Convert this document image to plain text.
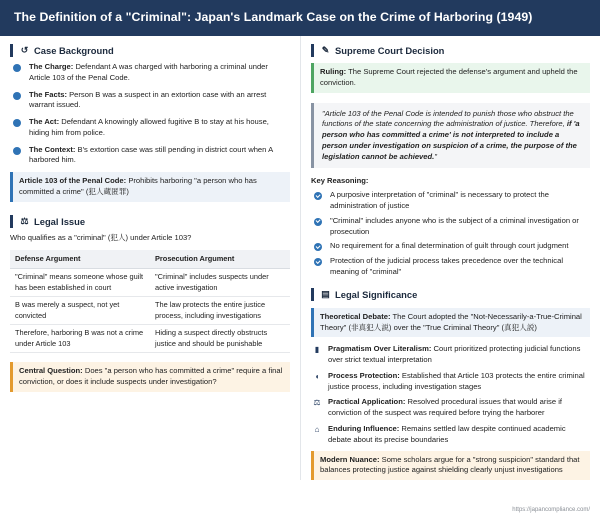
The Definition of a "Criminal": Japan's Landmark Case on the Crime of Harboring (1949)
↺ Case Background
The Charge: Defendant A was charged with harboring a criminal under Article 103 of the Penal Code.
The Facts: Person B was a suspect in an extortion case with an arrest warrant issued.
The Act: Defendant A knowingly allowed fugitive B to stay at his house, hiding him from police.
The Context: B's extortion case was still pending in district court when A harbored him.
Article 103 of the Penal Code: Prohibits harboring "a person who has committed a crime" (犯人蔵匿罪)
⚖ Legal Issue
Who qualifies as a "criminal" (犯人) under Article 103?
Defense Argument	Prosecution Argument
"Criminal" means someone whose guilt has been established in court	"Criminal" includes suspects under active investigation
B was merely a suspect, not yet convicted	The law protects the entire justice process, including investigations
Therefore, harboring B was not a crime under Article 103	Hiding a suspect directly obstructs justice and should be punishable
Central Question: Does "a person who has committed a crime" require a final conviction, or does it include suspects under investigation?
✎ Supreme Court Decision
Ruling: The Supreme Court rejected the defense's argument and upheld the conviction.
"Article 103 of the Penal Code is intended to punish those who obstruct the functions of the state concerning the administration of justice. Therefore, if 'a person who has committed a crime' is not interpreted to include a person under investigation on suspicion of a crime, the purpose of the legislation cannot be achieved."
Key Reasoning:
A purposive interpretation of "criminal" is necessary to protect the administration of justice
"Criminal" includes anyone who is the subject of a criminal investigation or prosecution
No requirement for a final determination of guilt through court judgment
Protection of the judicial process takes precedence over the technical meaning of "criminal"
▤ Legal Significance
Theoretical Debate: The Court adopted the "Not-Necessarily-a-True-Criminal Theory" (非真犯人説) over the "True Criminal Theory" (真犯人説)
▮	Pragmatism Over Literalism: Court prioritized protecting judicial functions over strict textual interpretation
◖	Process Protection: Established that Article 103 protects the entire criminal justice process, including investigation stages
⚖ Practical Application: Resolved procedural issues that would arise if conviction of the suspect was required before trying the harborer
⌂	Enduring Influence: Remains settled law despite continued academic debate about its precise boundaries
Modern Nuance: Some scholars argue for a "strong suspicion" standard that balances protecting justice against shielding clearly unjust investigations
https://japancompliance.com/
